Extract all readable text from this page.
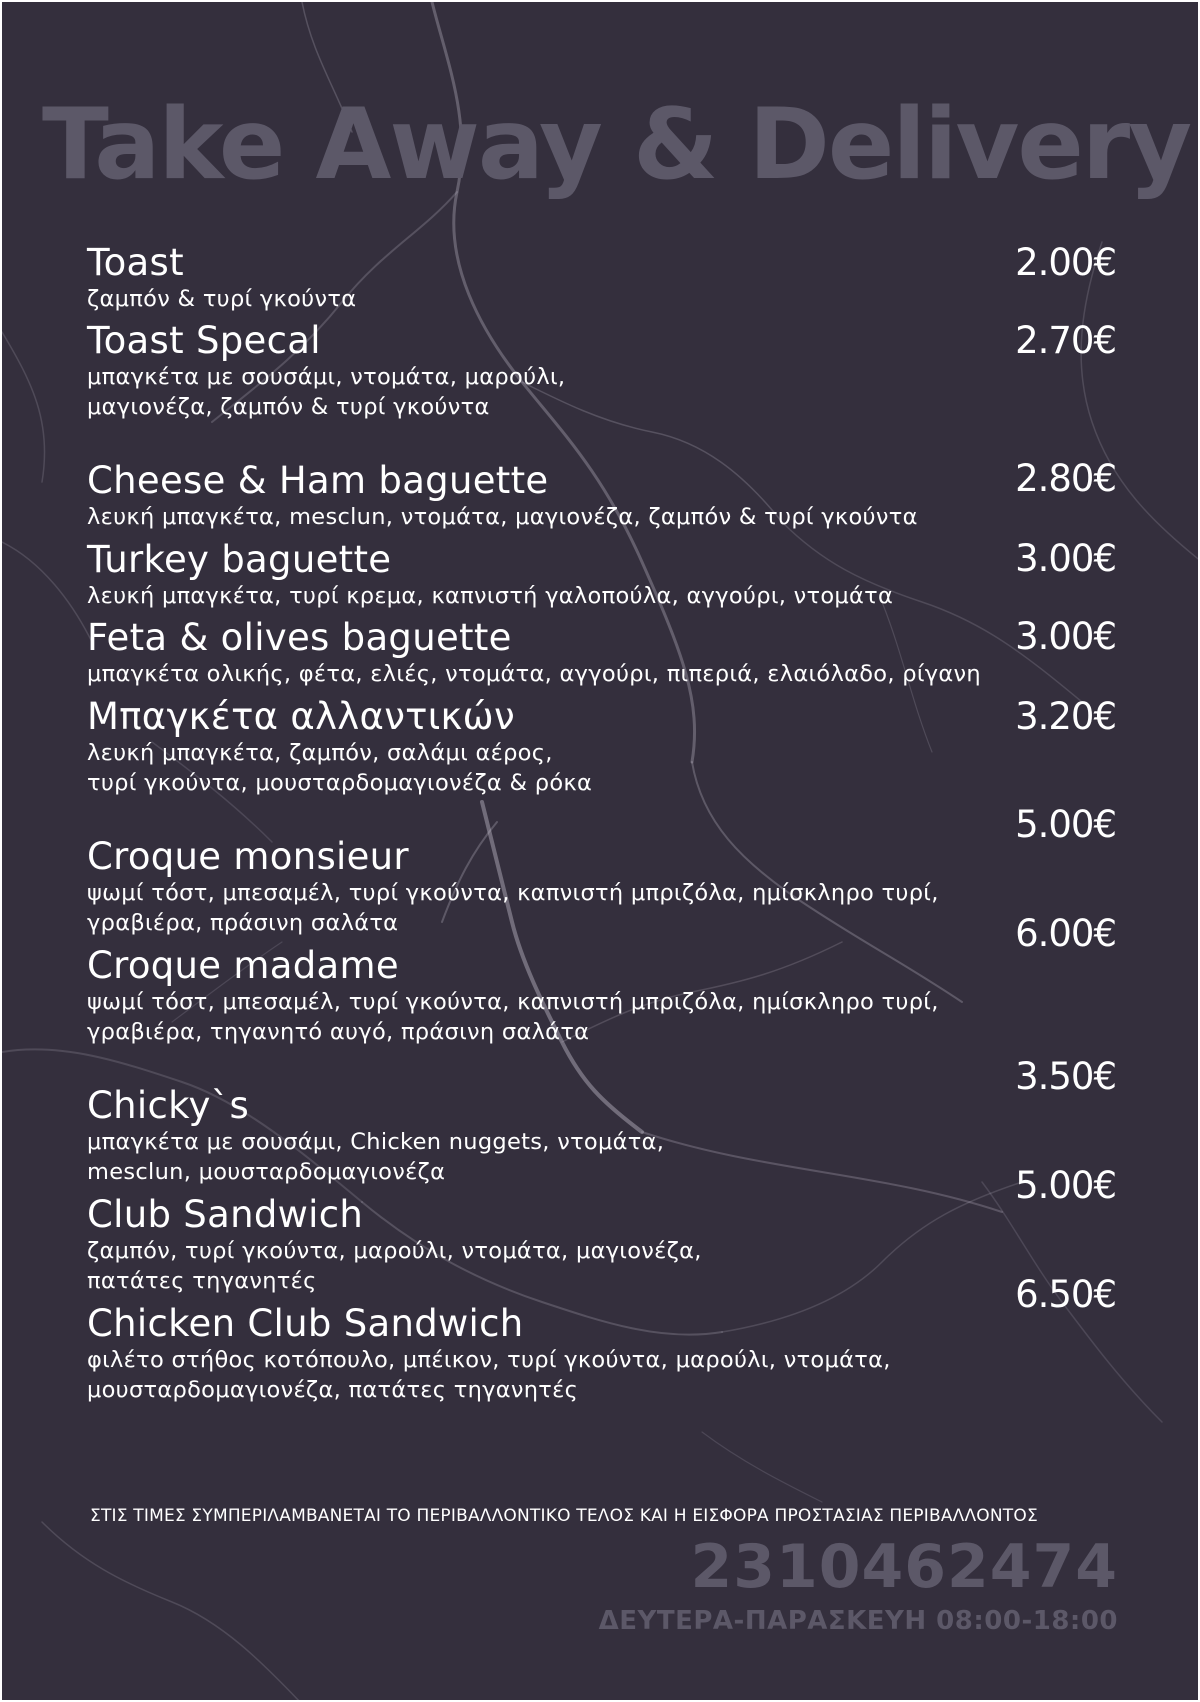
Take Away & Delivery
Toast
ζαμπόν & τυρί γκούντα
2.00€
Toast Specal
μπαγκέτα με σουσάμι, ντομάτα, μαρούλι,
μαγιονέζα, ζαμπόν & τυρί γκούντα
2.70€
Cheese & Ham baguette
λευκή μπαγκέτα, mesclun, ντομάτα, μαγιονέζα, ζαμπόν & τυρί γκούντα
2.80€
Turkey baguette
λευκή μπαγκέτα, τυρί κρεμα, καπνιστή γαλοπούλα, αγγούρι, ντομάτα
3.00€
Feta & olives baguette
μπαγκέτα ολικής, φέτα, ελιές, ντομάτα, αγγούρι, πιπεριά, ελαιόλαδο, ρίγανη
3.00€
Μπαγκέτα αλλαντικών
λευκή μπαγκέτα, ζαμπόν, σαλάμι αέρος,
τυρί γκούντα, μουσταρδομαγιονέζα & ρόκα
3.20€
Croque monsieur
ψωμί τόστ, μπεσαμέλ, τυρί γκούντα, καπνιστή μπριζόλα, ημίσκληρο τυρί,
γραβιέρα, πράσινη σαλάτα
5.00€
Croque madame
ψωμί τόστ, μπεσαμέλ, τυρί γκούντα, καπνιστή μπριζόλα, ημίσκληρο τυρί,
γραβιέρα, τηγανητό αυγό, πράσινη σαλάτα
6.00€
Chicky`s
μπαγκέτα με σουσάμι, Chicken nuggets, ντομάτα,
mesclun, μουσταρδομαγιονέζα
3.50€
Club Sandwich
ζαμπόν, τυρί γκούντα, μαρούλι, ντομάτα, μαγιονέζα,
πατάτες τηγανητές
5.00€
Chicken Club Sandwich
φιλέτο στήθος κοτόπουλο, μπέικον, τυρί γκούντα, μαρούλι, ντομάτα,
μουσταρδομαγιονέζα, πατάτες τηγανητές
6.50€
ΣΤΙΣ ΤΙΜΕΣ ΣΥΜΠΕΡΙΛΑΜΒΑΝΕΤΑΙ ΤΟ ΠΕΡΙΒΑΛΛΟΝΤΙΚΟ ΤΕΛΟΣ ΚΑΙ Η ΕΙΣΦΟΡΑ ΠΡΟΣΤΑΣΙΑΣ ΠΕΡΙΒΑΛΛΟΝΤΟΣ
2310462474
ΔΕΥΤΕΡΑ-ΠΑΡΑΣΚΕΥΗ 08:00-18:00
